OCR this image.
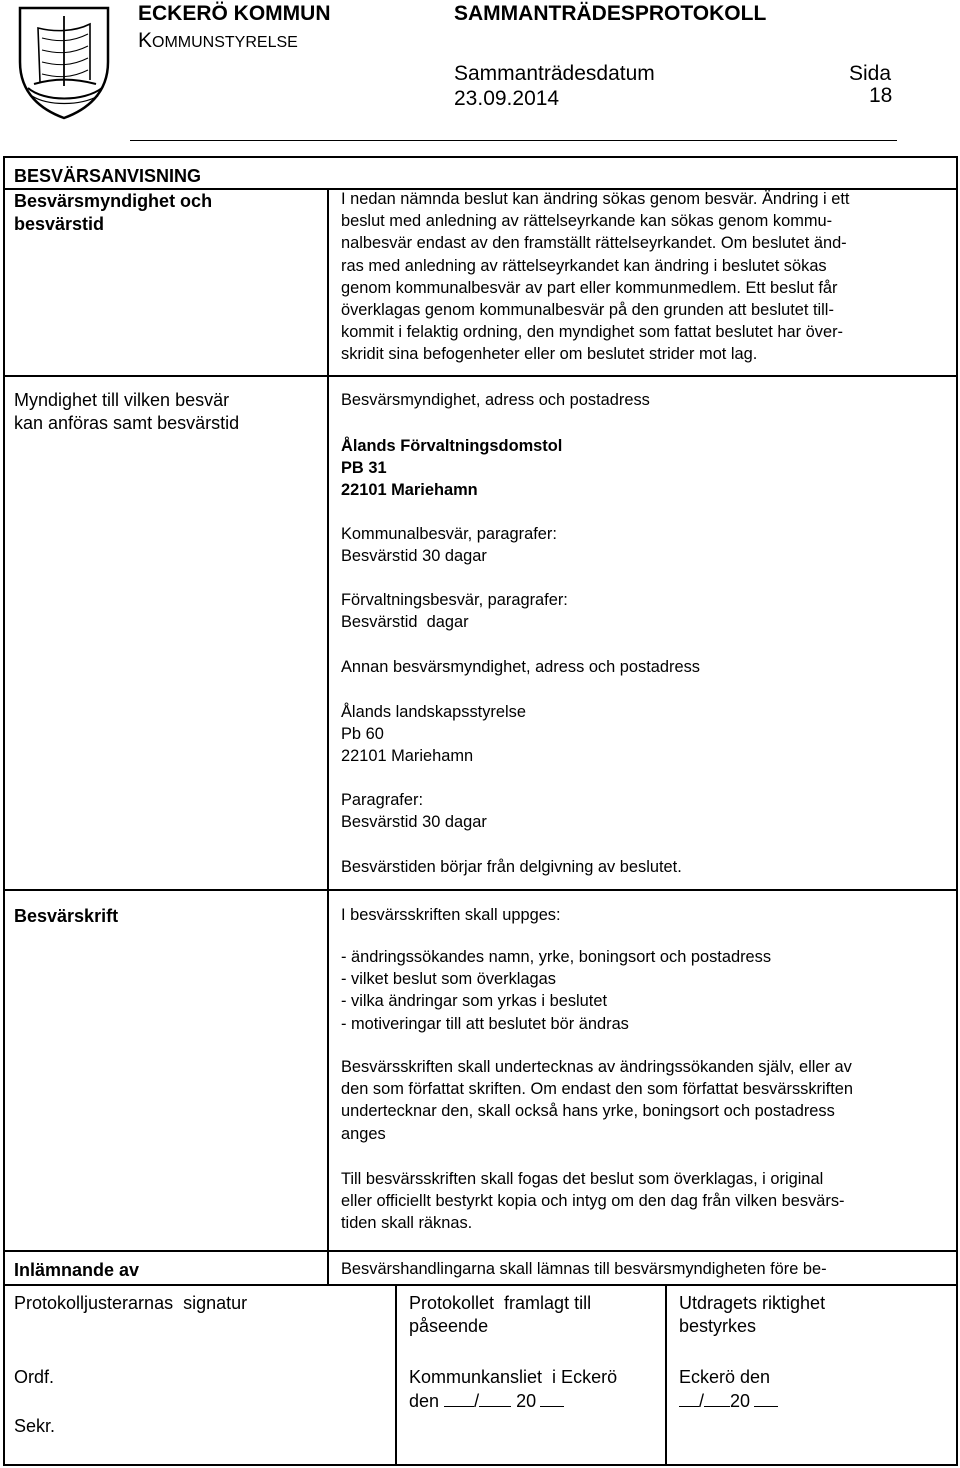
ECKERÖ KOMMUN
KOMMUNSTYRELSE
SAMMANTRÄDESPROTOKOLL
Sammanträdesdatum
23.09.2014
Sida
18
BESVÄRSANVISNING
Besvärsmyndighet och
besvärstid
Myndighet till vilken besvär
kan anföras samt besvärstid
Besvärskrift
Inlämnande av
I nedan nämnda beslut kan ändring sökas genom besvär. Ändring i ett
beslut med anledning av rättelseyrkande kan sökas genom kommu-
nalbesvär endast av den framställt rättelseyrkandet. Om beslutet änd-
ras med anledning av rättelseyrkandet kan ändring i beslutet sökas
genom kommunalbesvär av part eller kommunmedlem. Ett beslut får
överklagas genom kommunalbesvär på den grunden att beslutet till-
kommit i felaktig ordning, den myndighet som fattat beslutet har över-
skridit sina befogenheter eller om beslutet strider mot lag.
Besvärsmyndighet, adress och postadress
Ålands Förvaltningsdomstol
PB 31
22101 Mariehamn
Kommunalbesvär, paragrafer:
Besvärstid 30 dagar
Förvaltningsbesvär, paragrafer:
Besvärstid  dagar
Annan besvärsmyndighet, adress och postadress
Ålands landskapsstyrelse
Pb 60
22101 Mariehamn
Paragrafer:
Besvärstid 30 dagar
Besvärstiden börjar från delgivning av beslutet.
I besvärsskriften skall uppges:
- ändringssökandes namn, yrke, boningsort och postadress
- vilket beslut som överklagas
- vilka ändringar som yrkas i beslutet
- motiveringar till att beslutet bör ändras
Besvärsskriften skall undertecknas av ändringssökanden själv, eller av
den som författat skriften. Om endast den som författat besvärsskriften
undertecknar den, skall också hans yrke, boningsort och postadress
anges
Till besvärsskriften skall fogas det beslut som överklagas, i original
eller officiellt bestyrkt kopia och intyg om den dag från vilken besvärs-
tiden skall räknas.
Besvärshandlingarna skall lämnas till besvärsmyndigheten före be-
Protokolljusterarnas  signatur
Ordf.
Sekr.
Protokollet  framlagt till
påseende
Kommunkansliet  i Eckerö
den / 20
Utdragets riktighet
bestyrkes
Eckerö den
/ 20
